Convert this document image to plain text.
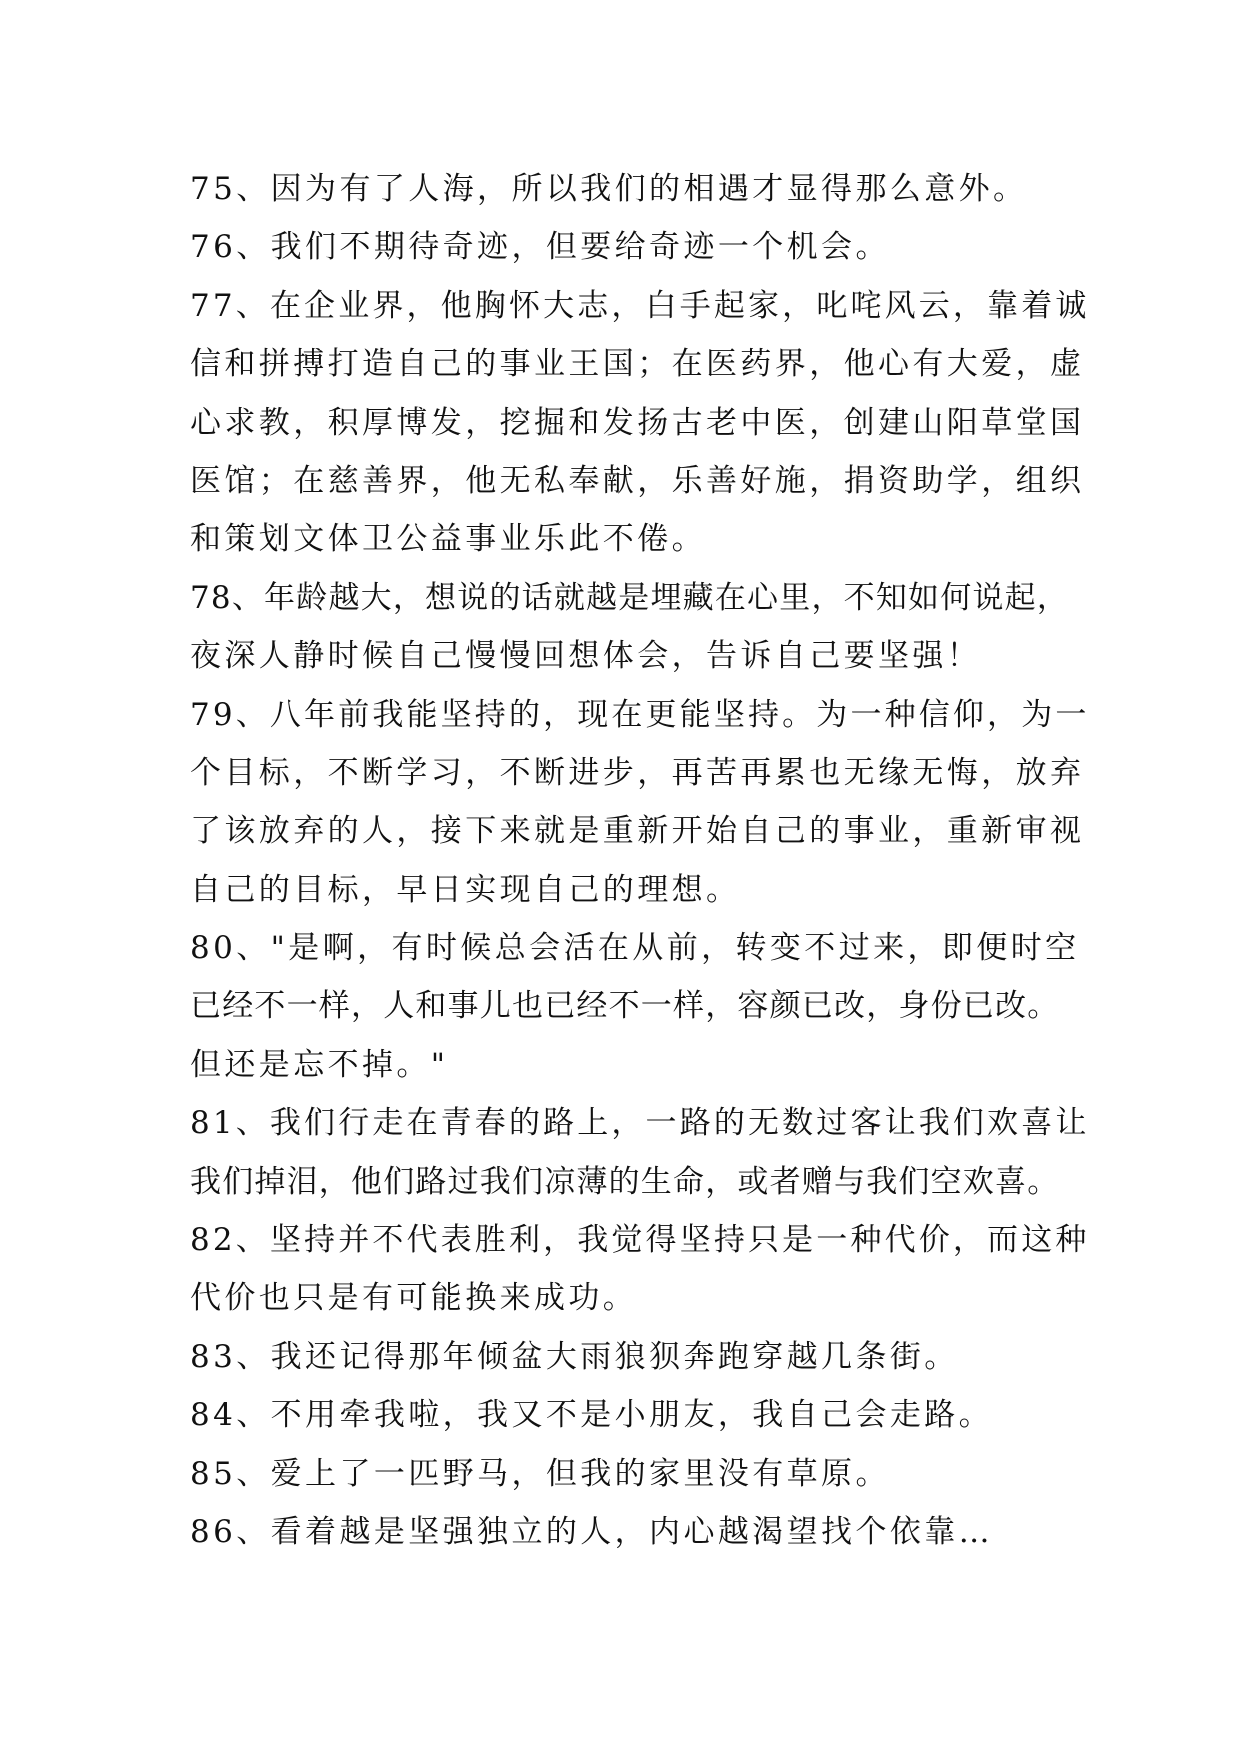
75、因为有了人海，所以我们的相遇才显得那么意外。
76、我们不期待奇迹，但要给奇迹一个机会。
77、在企业界，他胸怀大志，白手起家，叱咤风云，靠着诚
信和拼搏打造自己的事业王国；在医药界，他心有大爱，虚
心求教，积厚博发，挖掘和发扬古老中医，创建山阳草堂国
医馆；在慈善界，他无私奉献，乐善好施，捐资助学，组织
和策划文体卫公益事业乐此不倦。
78、年龄越大，想说的话就越是埋藏在心里，不知如何说起，
夜深人静时候自己慢慢回想体会，告诉自己要坚强！
79、八年前我能坚持的，现在更能坚持。为一种信仰，为一
个目标，不断学习，不断进步，再苦再累也无缘无悔，放弃
了该放弃的人，接下来就是重新开始自己的事业，重新审视
自己的目标，早日实现自己的理想。
80、"是啊，有时候总会活在从前，转变不过来，即便时空
已经不一样，人和事儿也已经不一样，容颜已改，身份已改。
但还是忘不掉。"
81、我们行走在青春的路上，一路的无数过客让我们欢喜让
我们掉泪，他们路过我们凉薄的生命，或者赠与我们空欢喜。
82、坚持并不代表胜利，我觉得坚持只是一种代价，而这种
代价也只是有可能换来成功。
83、我还记得那年倾盆大雨狼狈奔跑穿越几条街。
84、不用牵我啦，我又不是小朋友，我自己会走路。
85、爱上了一匹野马，但我的家里没有草原。
86、看着越是坚强独立的人，内心越渴望找个依靠…
